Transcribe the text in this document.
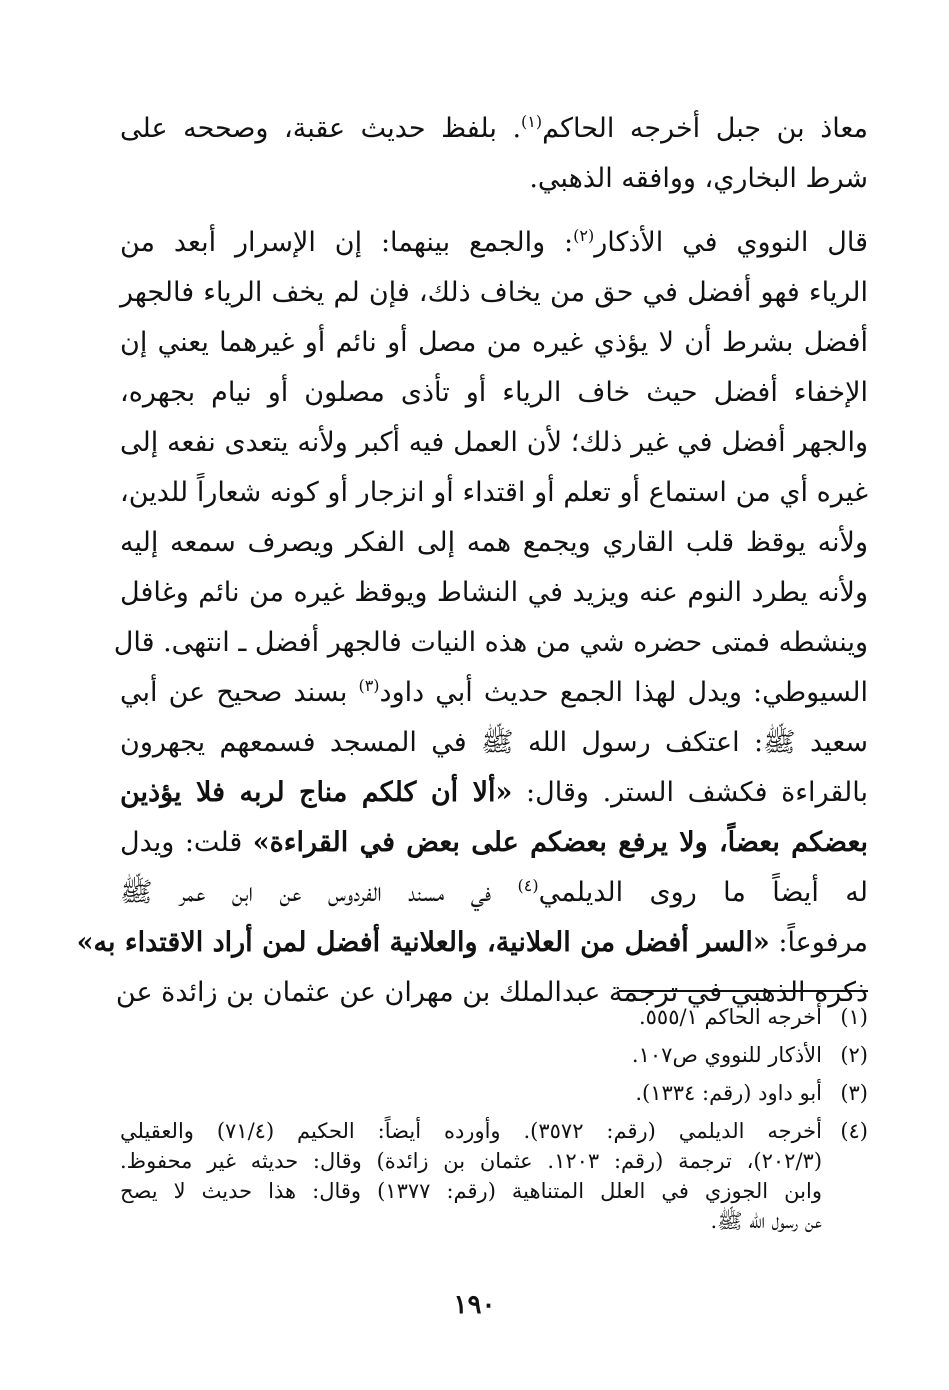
معاذ بن جبل أخرجه الحاكم$^{(١)}$. بلفظ حديث عقبة، وصححه على
شرط البخاري، ووافقه الذهبي.
قال النووي في الأذكار$^{(٢)}$: والجمع بينهما: إن الإسرار أبعد من
الرياء فهو أفضل في حق من يخاف ذلك، فإن لم يخف الرياء فالجهر
أفضل بشرط أن لا يؤذي غيره من مصل أو نائم أو غيرهما يعني إن
الإخفاء أفضل حيث خاف الرياء أو تأذى مصلون أو نيام بجهره،
والجهر أفضل في غير ذلك؛ لأن العمل فيه أكبر ولأنه يتعدى نفعه إلى
غيره أي من استماع أو تعلم أو اقتداء أو انزجار أو كونه شعاراً للدين،
ولأنه يوقظ قلب القاري ويجمع همه إلى الفكر ويصرف سمعه إليه
ولأنه يطرد النوم عنه ويزيد في النشاط ويوقظ غيره من نائم وغافل
وينشطه فمتى حضره شي من هذه النيات فالجهر أفضل ـ انتهى. قال
السيوطي: ويدل لهذا الجمع حديث أبي داود$^{(٣)}$ بسند صحيح عن أبي
سعيد ﷺ: اعتكف رسول الله ﷺ في المسجد فسمعهم يجهرون
بالقراءة فكشف الستر. وقال: «ألا أن كلكم مناج لربه فلا يؤذين
بعضكم بعضاً، ولا يرفع بعضكم على بعض في القراءة» قلت: ويدل
له أيضاً ما روى الديلمي$^{(٤)}$ في مسند الفردوس عن ابن عمر ﷺ
مرفوعاً: «السر أفضل من العلانية، والعلانية أفضل لمن أراد الاقتداء به»
ذكره الذهبي في ترجمة عبدالملك بن مهران عن عثمان بن زائدة عن
(١)
أخرجه الحاكم ٥٥٥/١.
(٢)
الأذكار للنووي ص١٠٧.
(٣)
أبو داود (رقم: ١٣٣٤).
(٤)
أخرجه الديلمي (رقم: ٣٥٧٢). وأورده أيضاً: الحكيم (٧١/٤) والعقيلي
(٢٠٢/٣)، ترجمة (رقم: ١٢٠٣. عثمان بن زائدة) وقال: حديثه غير محفوظ.
وابن الجوزي في العلل المتناهية (رقم: ١٣٧٧) وقال: هذا حديث لا يصح
عن رسول الله ﷺ.
١٩٠
